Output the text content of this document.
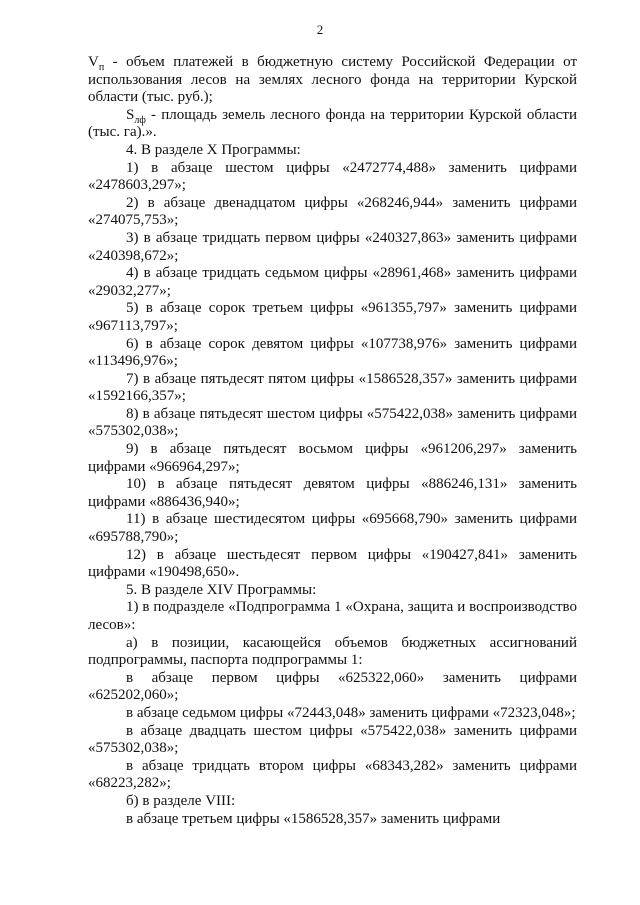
2

$V_п$ - объем платежей в бюджетную систему Российской Федерации от использования лесов на землях лесного фонда на территории Курской области (тыс. руб.);

$S_{лф}$ - площадь земель лесного фонда на территории Курской области (тыс. га).».

4. В разделе X Программы:

1) в абзаце шестом цифры «2472774,488» заменить цифрами «2478603,297»;

2) в абзаце двенадцатом цифры «268246,944» заменить цифрами «274075,753»;

3) в абзаце тридцать первом цифры «240327,863» заменить цифрами «240398,672»;

4) в абзаце тридцать седьмом цифры «28961,468» заменить цифрами «29032,277»;

5) в абзаце сорок третьем цифры «961355,797» заменить цифрами «967113,797»;

6) в абзаце сорок девятом цифры «107738,976» заменить цифрами «113496,976»;

7) в абзаце пятьдесят пятом цифры «1586528,357» заменить цифрами «1592166,357»;

8) в абзаце пятьдесят шестом цифры «575422,038» заменить цифрами «575302,038»;

9) в абзаце пятьдесят восьмом цифры «961206,297» заменить цифрами «966964,297»;

10) в абзаце пятьдесят девятом цифры «886246,131» заменить цифрами «886436,940»;

11) в абзаце шестидесятом цифры «695668,790» заменить цифрами «695788,790»;

12) в абзаце шестьдесят первом цифры «190427,841» заменить цифрами «190498,650».

5. В разделе XIV Программы:

1) в подразделе «Подпрограмма 1 «Охрана, защита и воспроизводство лесов»:

а) в позиции, касающейся объемов бюджетных ассигнований подпрограммы, паспорта подпрограммы 1:

в абзаце первом цифры «625322,060» заменить цифрами «625202,060»;

в абзаце седьмом цифры «72443,048» заменить цифрами «72323,048»;

в абзаце двадцать шестом цифры «575422,038» заменить цифрами «575302,038»;

в абзаце тридцать втором цифры «68343,282» заменить цифрами «68223,282»;

б) в разделе VIII:

в абзаце третьем цифры «1586528,357» заменить цифрами
